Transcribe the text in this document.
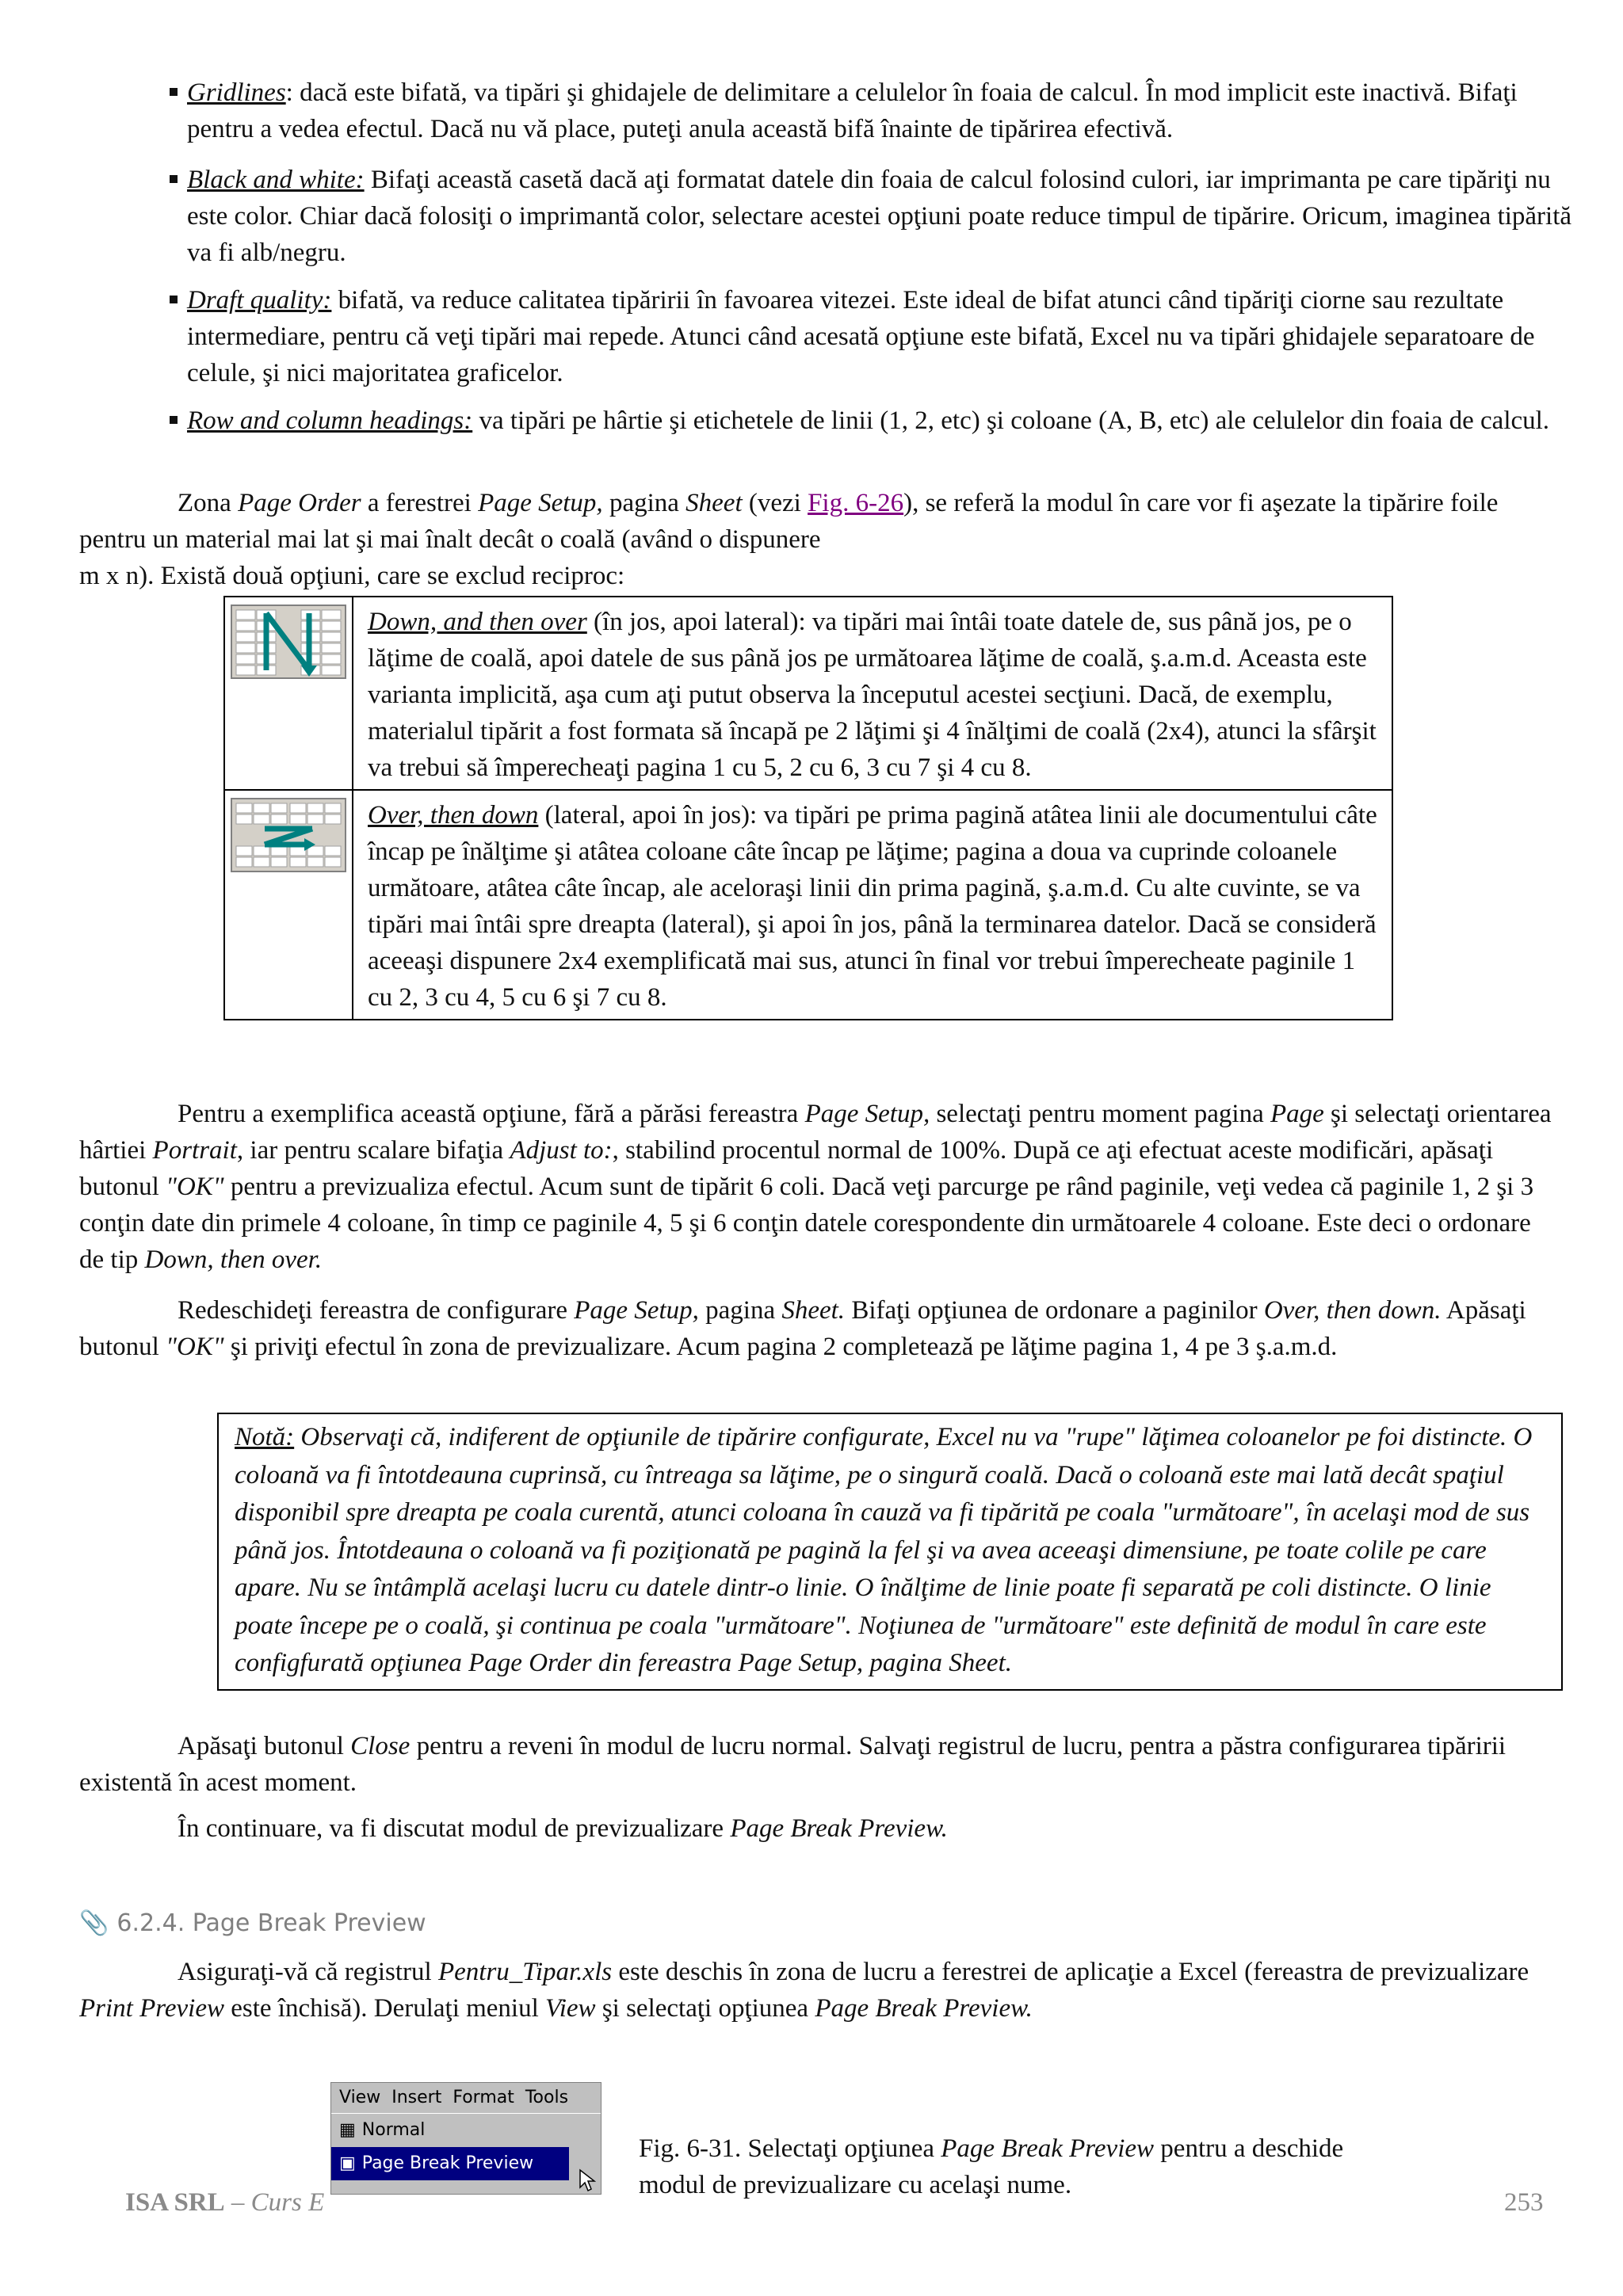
Gridlines: dacă este bifată, va tipări şi ghidajele de delimitare a celulelor în foaia de calcul. În mod implicit este inactivă. Bifaţi pentru a vedea efectul. Dacă nu vă place, puteţi anula această bifă înainte de tipărirea efectivă.

Black and white: Bifaţi această casetă dacă aţi formatat datele din foaia de calcul folosind culori, iar imprimanta pe care tipăriţi nu este color. Chiar dacă folosiţi o imprimantă color, selectare acestei opţiuni poate reduce timpul de tipărire. Oricum, imaginea tipărită va fi alb/negru.

Draft quality: bifată, va reduce calitatea tipăririi în favoarea vitezei. Este ideal de bifat atunci când tipăriţi ciorne sau rezultate intermediare, pentru că veţi tipări mai repede. Atunci când acesată opţiune este bifată, Excel nu va tipări ghidajele separatoare de celule, şi nici majoritatea graficelor.

Row and column headings: va tipări pe hârtie şi etichetele de linii (1, 2, etc) şi coloane (A, B, etc) ale celulelor din foaia de calcul.

Zona Page Order a ferestrei Page Setup, pagina Sheet (vezi Fig. 6-26), se referă la modul în care vor fi aşezate la tipărire foile pentru un material mai lat şi mai înalt decât o coală (având o dispunere
m x n). Există două opţiuni, care se exclud reciproc:

	Down, and then over (în jos, apoi lateral): va tipări mai întâi toate datele de, sus până jos, pe o lăţime de coală, apoi datele de sus până jos pe următoarea lăţime de coală, ş.a.m.d. Aceasta este varianta implicită, aşa cum aţi putut observa la începutul acestei secţiuni. Dacă, de exemplu, materialul tipărit a fost formata să încapă pe 2 lăţimi şi 4 înălţimi de coală (2x4), atunci la sfârşit va trebui să împerecheaţi pagina 1 cu 5, 2 cu 6, 3 cu 7 şi 4 cu 8.

	Over, then down (lateral, apoi în jos): va tipări pe prima pagină atâtea linii ale documentului câte încap pe înălţime şi atâtea coloane câte încap pe lăţime; pagina a doua va cuprinde coloanele următoare, atâtea câte încap, ale aceloraşi linii din prima pagină, ş.a.m.d. Cu alte cuvinte, se va tipări mai întâi spre dreapta (lateral), şi apoi în jos, până la terminarea datelor. Dacă se consideră aceeaşi dispunere 2x4 exemplificată mai sus, atunci în final vor trebui împerecheate paginile 1 cu 2, 3 cu 4, 5 cu 6 şi 7 cu 8.

Pentru a exemplifica această opţiune, fără a părăsi fereastra Page Setup, selectaţi pentru moment pagina Page şi selectaţi orientarea hârtiei Portrait, iar pentru scalare bifaţia Adjust to:, stabilind procentul normal de 100%. După ce aţi efectuat aceste modificări, apăsaţi butonul "OK" pentru a previzualiza efectul. Acum sunt de tipărit 6 coli. Dacă veţi parcurge pe rând paginile, veţi vedea că paginile 1, 2 şi 3 conţin date din primele 4 coloane, în timp ce paginile 4, 5 şi 6 conţin datele corespondente din următoarele 4 coloane. Este deci o ordonare de tip Down, then over.

Redeschideţi fereastra de configurare Page Setup, pagina Sheet. Bifaţi opţiunea de ordonare a paginilor Over, then down. Apăsaţi butonul "OK" şi priviţi efectul în zona de previzualizare. Acum pagina 2 completează pe lăţime pagina 1, 4 pe 3 ş.a.m.d.

Notă: Observaţi că, indiferent de opţiunile de tipărire configurate, Excel nu va "rupe" lăţimea coloanelor pe foi distincte. O coloană va fi întotdeauna cuprinsă, cu întreaga sa lăţime, pe o singură coală. Dacă o coloană este mai lată decât spaţiul disponibil spre dreapta pe coala curentă, atunci coloana în cauză va fi tipărită pe coala "următoare", în acelaşi mod de sus până jos. Întotdeauna o coloană va fi poziţionată pe pagină la fel şi va avea aceeaşi dimensiune, pe toate colile pe care apare. Nu se întâmplă acelaşi lucru cu datele dintr-o linie. O înălţime de linie poate fi separată pe coli distincte. O linie poate începe pe o coală, şi continua pe coala "următoare". Noţiunea de "următoare" este definită de modul în care este configfurată opţiunea Page Order din fereastra Page Setup, pagina Sheet.

Apăsaţi butonul Close pentru a reveni în modul de lucru normal. Salvaţi registrul de lucru, pentra a păstra configurarea tipăririi existentă în acest moment.

În continuare, va fi discutat modul de previzualizare Page Break Preview.

📎 6.2.4. Page Break Preview

Asiguraţi-vă că registrul Pentru_Tipar.xls este deschis în zona de lucru a ferestrei de aplicaţie a Excel (fereastra de previzualizare Print Preview este închisă). Derulaţi meniul View şi selectaţi opţiunea Page Break Preview.

View Insert Format Tools
▦ Normal
▣ Page Break Preview

Fig. 6-31. Selectaţi opţiunea Page Break Preview pentru a deschide modul de previzualizare cu acelaşi nume.

ISA SRL – Curs E	253
